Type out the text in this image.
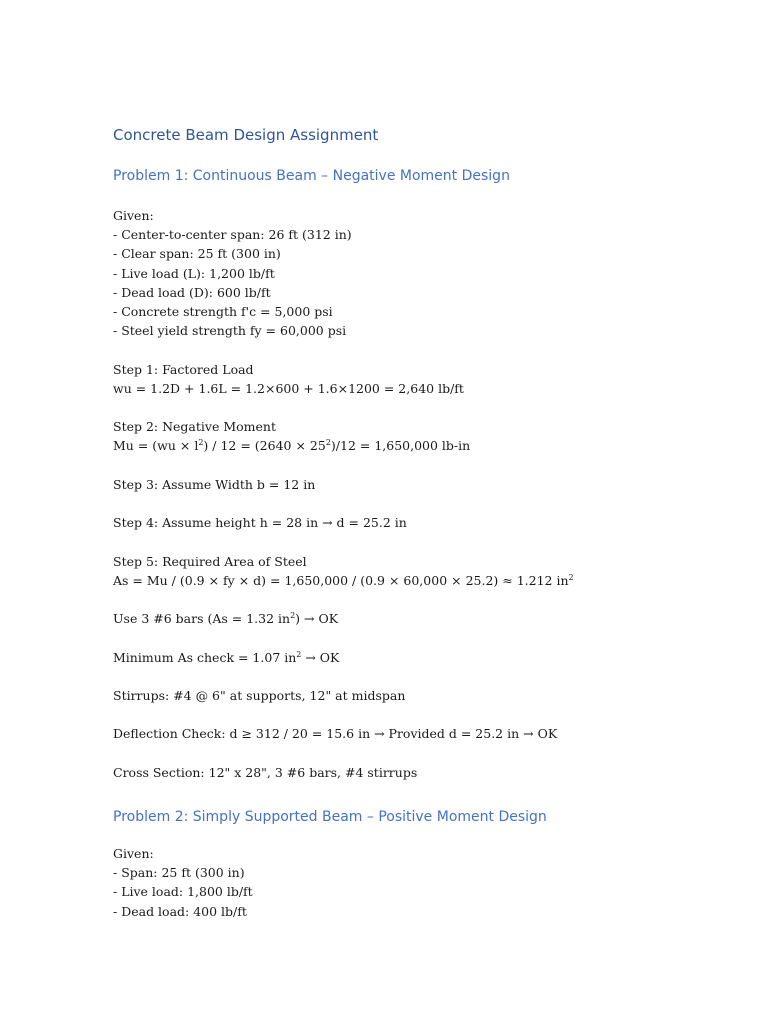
Concrete Beam Design Assignment
Problem 1: Continuous Beam – Negative Moment Design

Given:

- Center-to-center span: 26 ft (312 in)

- Clear span: 25 ft (300 in)

- Live load (L): 1,200 lb/ft

- Dead load (D): 600 lb/ft

- Concrete strength f'c = 5,000 psi

- Steel yield strength fy = 60,000 psi

Step 1: Factored Load

wu = 1.2D + 1.6L = 1.2×600 + 1.6×1200 = 2,640 lb/ft

Step 2: Negative Moment

$Mu = (wu \times l^2) / 12 = (2640 \times 25^2)/12 = 1,650,000$ lb-in

Step 3: Assume Width b = 12 in

Step 4: Assume height h = 28 in → d = 25.2 in

Step 5: Required Area of Steel

As = Mu / (0.9 × fy × d) = 1,650,000 / (0.9 × 60,000 × 25.2) ≈ 1.212 $in^2$

Use 3 #6 bars (As = 1.32 $in^2$) → OK

Minimum As check = 1.07 $in^2$ → OK

Stirrups: #4 @ 6" at supports, 12" at midspan

Deflection Check: d ≥ 312 / 20 = 15.6 in → Provided d = 25.2 in → OK

Cross Section: 12" x 28", 3 #6 bars, #4 stirrups

Problem 2: Simply Supported Beam – Positive Moment Design

Given:

- Span: 25 ft (300 in)

- Live load: 1,800 lb/ft

- Dead load: 400 lb/ft
